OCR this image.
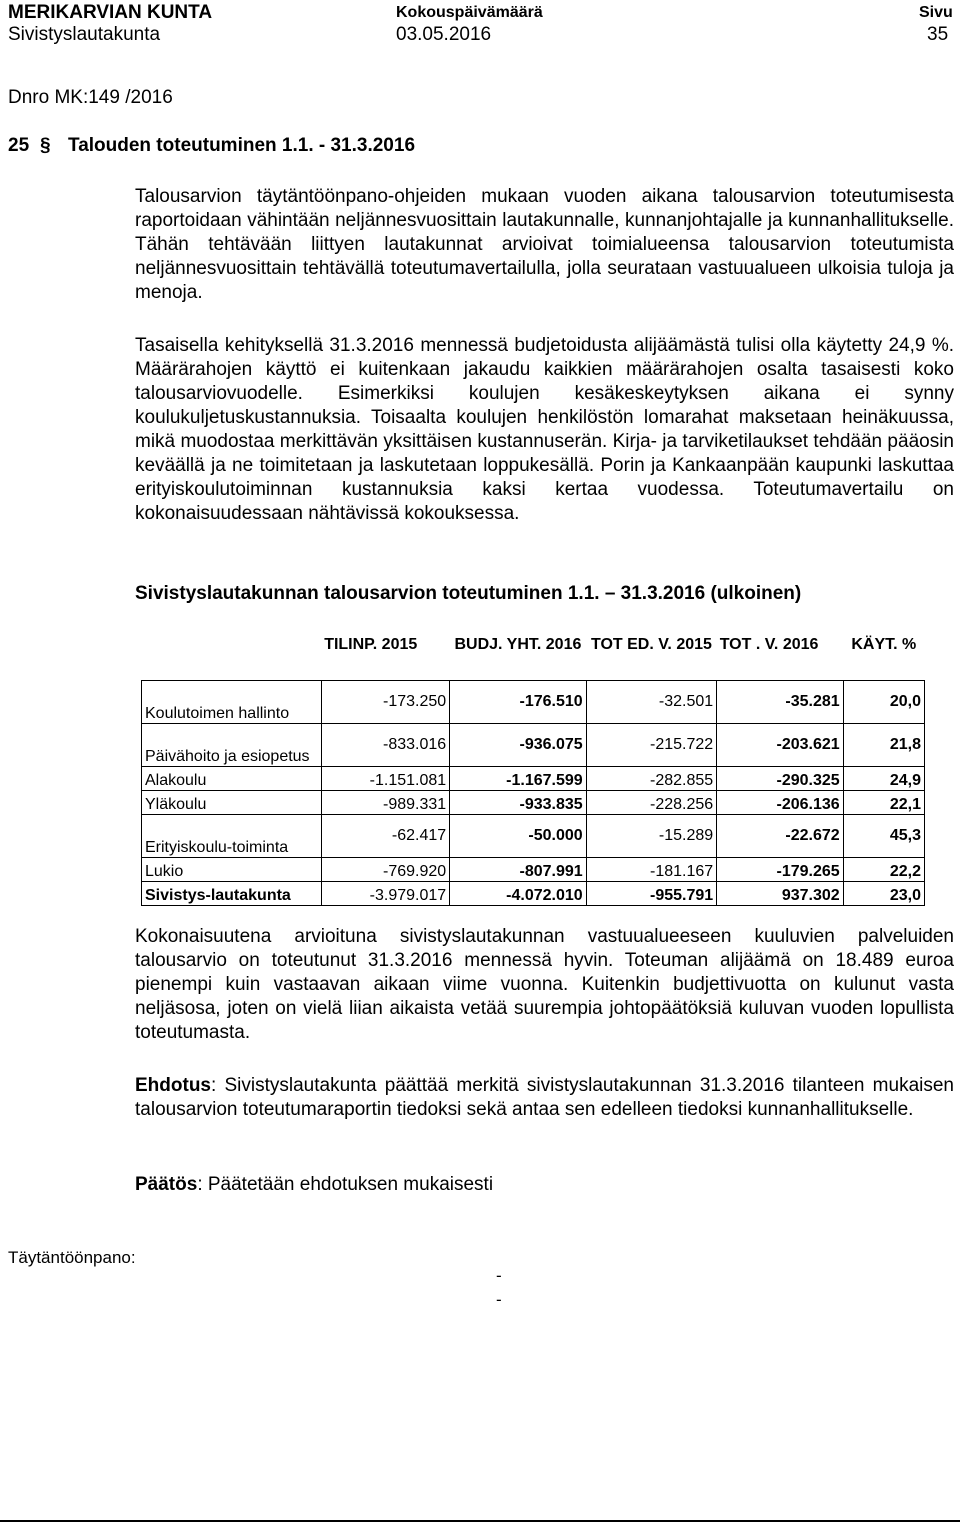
MERIKARVIAN KUNTA
Sivistyslautakunta
Kokouspäivämäärä
03.05.2016
Sivu
35
Dnro MK:149 /2016
25 § Talouden toteutuminen 1.1. - 31.3.2016

Talousarvion täytäntöönpano-ohjeiden mukaan vuoden aikana talousarvion toteutumisesta raportoidaan vähintään neljännesvuosittain lautakunnalle, kunnanjohtajalle ja kunnanhallitukselle. Tähän tehtävään liittyen lautakunnat arvioivat toimialueensa talousarvion toteutumista neljännesvuosittain tehtävällä toteutumavertailulla, jolla seurataan vastuualueen ulkoisia tuloja ja menoja.

Tasaisella kehityksellä 31.3.2016 mennessä budjetoidusta alijäämästä tulisi olla käytetty 24,9 %. Määrärahojen käyttö ei kuitenkaan jakaudu kaikkien määrärahojen osalta tasaisesti koko talousarviovuodelle. Esimerkiksi koulujen kesäkeskeytyksen aikana ei synny koulukuljetuskustannuksia. Toisaalta koulujen henkilöstön lomarahat maksetaan heinäkuussa, mikä muodostaa merkittävän yksittäisen kustannuserän. Kirja- ja tarviketilaukset tehdään pääosin keväällä ja ne toimitetaan ja laskutetaan loppukesällä. Porin ja Kankaanpään kaupunki laskuttaa erityiskoulutoiminnan kustannuksia kaksi kertaa vuodessa. Toteutumavertailu on kokonaisuudessaan nähtävissä kokouksessa.

Sivistyslautakunnan talousarvion toteutuminen 1.1. – 31.3.2016 (ulkoinen)
	TILINP. 2015	BUDJ. YHT. 2016	TOT ED. V. 2015	TOT . V. 2016	KÄYT. %
Koulutoimen hallinto	-173.250	-176.510	-32.501	-35.281	20,0
Päivähoito ja esiopetus	-833.016	-936.075	-215.722	-203.621	21,8
Alakoulu	-1.151.081	-1.167.599	-282.855	-290.325	24,9
Yläkoulu	-989.331	-933.835	-228.256	-206.136	22,1
Erityiskoulu-toiminta	-62.417	-50.000	-15.289	-22.672	45,3
Lukio	-769.920	-807.991	-181.167	-179.265	22,2
Sivistys-lautakunta	-3.979.017	-4.072.010	-955.791	937.302	23,0

Kokonaisuutena arvioituna sivistyslautakunnan vastuualueeseen kuuluvien palveluiden talousarvio on toteutunut 31.3.2016 mennessä hyvin. Toteuman alijäämä on 18.489 euroa pienempi kuin vastaavan aikaan viime vuonna. Kuitenkin budjettivuotta on kulunut vasta neljäsosa, joten on vielä liian aikaista vetää suurempia johtopäätöksiä kuluvan vuoden lopullista toteutumasta.

Ehdotus: Sivistyslautakunta päättää merkitä sivistyslautakunnan 31.3.2016 tilanteen mukaisen talousarvion toteutumaraportin tiedoksi sekä antaa sen edelleen tiedoksi kunnanhallitukselle.

Päätös: Päätetään ehdotuksen mukaisesti

Täytäntöönpano:
-
-
